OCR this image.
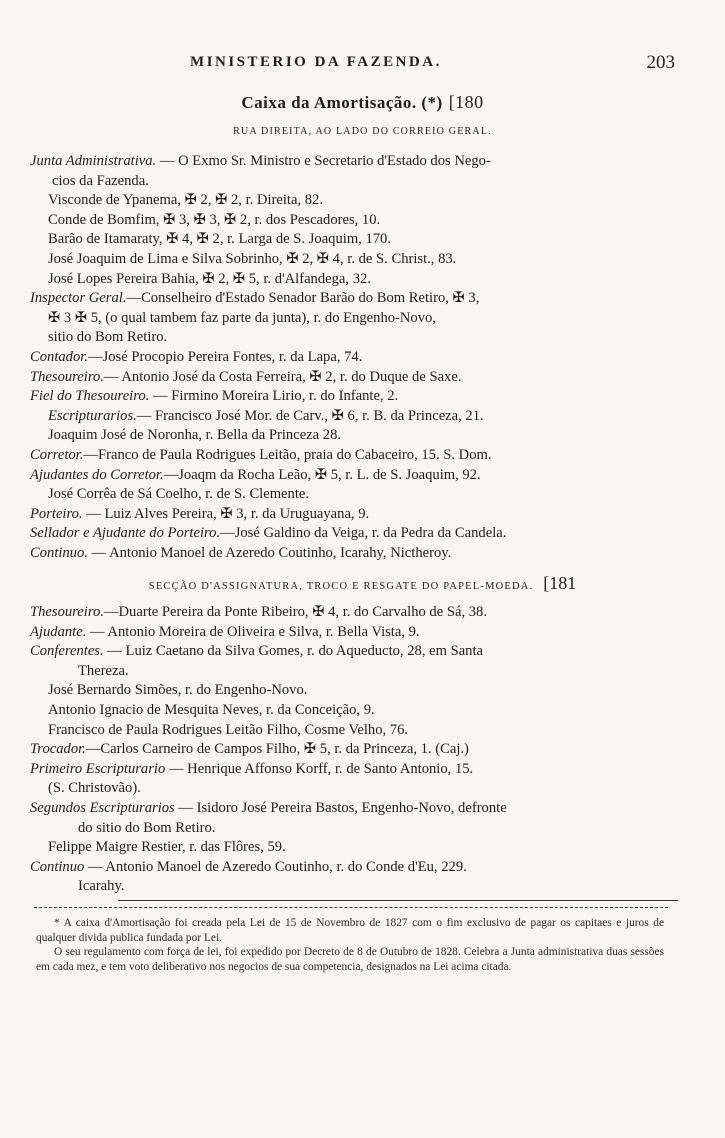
MINISTERIO DA FAZENDA.	203
Caixa da Amortisação. (*) [180
RUA DIREITA, AO LADO DO CORREIO GERAL.
Junta Administrativa. — O Exmo Sr. Ministro e Secretario d'Estado dos Nego-
cios da Fazenda.
Visconde de Ypanema, ✠ 2, ✠ 2, r. Direita, 82.
Conde de Bomfim, ✠ 3, ✠ 3, ✠ 2, r. dos Pescadores, 10.
Barão de Itamaraty, ✠ 4, ✠ 2, r. Larga de S. Joaquim, 170.
José Joaquim de Lima e Silva Sobrinho, ✠ 2, ✠ 4, r. de S. Christ., 83.
José Lopes Pereira Bahia, ✠ 2, ✠ 5, r. d'Alfandega, 32.
Inspector Geral.—Conselheiro d'Estado Senador Barão do Bom Retiro, ✠ 3,
✠ 3 ✠ 5, (o qual tambem faz parte da junta), r. do Engenho-Novo,
sitio do Bom Retiro.
Contador.—José Procopio Pereira Fontes, r. da Lapa, 74.
Thesoureiro.— Antonio José da Costa Ferreira, ✠ 2, r. do Duque de Saxe.
Fiel do Thesoureiro. — Firmino Moreira Lirio, r. do Infante, 2.
Escripturarios.— Francisco José Mor. de Carv., ✠ 6, r. B. da Princeza, 21.
Joaquim José de Noronha, r. Bella da Princeza 28.
Corretor.—Franco de Paula Rodrigues Leitão, praia do Cabaceiro, 15. S. Dom.
Ajudantes do Corretor.—Joaqm da Rocha Leão, ✠ 5, r. L. de S. Joaquim, 92.
José Corrêa de Sá Coelho, r. de S. Clemente.
Porteiro. — Luiz Alves Pereira, ✠ 3, r. da Uruguayana, 9.
Sellador e Ajudante do Porteiro.—José Galdino da Veiga, r. da Pedra da Candela.
Continuo. — Antonio Manoel de Azeredo Coutinho, Icarahy, Nictheroy.
SECÇÃO D'ASSIGNATURA, TROCO E RESGATE DO PAPEL-MOEDA. [181
Thesoureiro.—Duarte Pereira da Ponte Ribeiro, ✠ 4, r. do Carvalho de Sá, 38.
Ajudante. — Antonio Moreira de Oliveira e Silva, r. Bella Vista, 9.
Conferentes. — Luiz Caetano da Silva Gomes, r. do Aqueducto, 28, em Santa
Thereza.
José Bernardo Simões, r. do Engenho-Novo.
Antonio Ignacio de Mesquita Neves, r. da Conceição, 9.
Francisco de Paula Rodrigues Leitão Filho, Cosme Velho, 76.
Trocador.—Carlos Carneiro de Campos Filho, ✠ 5, r. da Princeza, 1. (Caj.)
Primeiro Escripturario — Henrique Affonso Korff, r. de Santo Antonio, 15.
(S. Christovão).
Segundos Escripturarios — Isidoro José Pereira Bastos, Engenho-Novo, defronte
do sitio do Bom Retiro.
Felippe Maigre Restier, r. das Flôres, 59.
Continuo — Antonio Manoel de Azeredo Coutinho, r. do Conde d'Eu, 229.
Icarahy.

* A caixa d'Amortisação foi creada pela Lei de 15 de Novembro de 1827 com o fim exclusivo de pagar os capitaes e juros de qualquer divida publica fundada por Lei.

O seu regulamento com força de lei, foi expedido por Decreto de 8 de Outubro de 1828. Celebra a Junta administrativa duas sessões em cada mez, e tem voto deliberativo nos negocios de sua competencia, designados na Lei acima citada.
